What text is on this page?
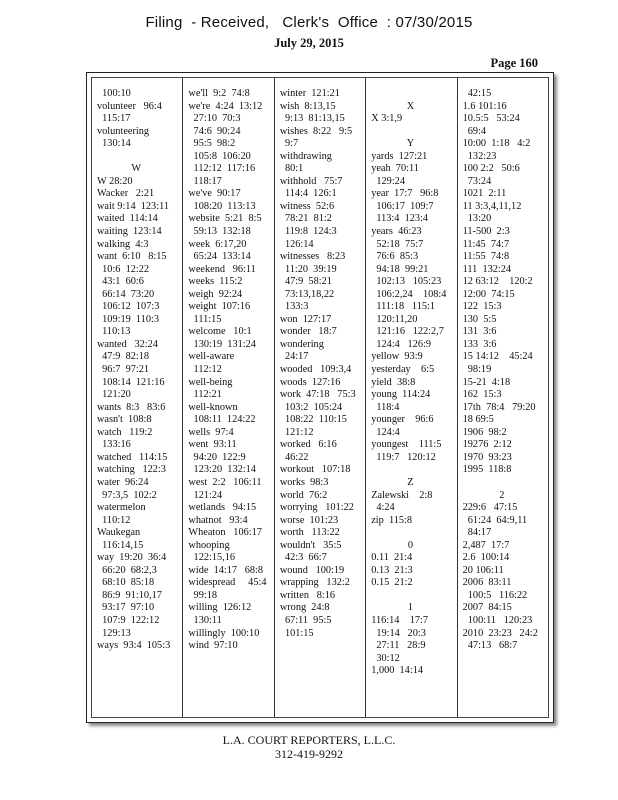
Filing  - Received,   Clerk's  Office  : 07/30/2015
July 29, 2015
Page 160
100:10
volunteer   96:4
115:17
volunteering
130:14
W
W 28:20
Wacker   2:21
wait 9:14  123:11
waited  114:14
waiting  123:14
walking  4:3
want  6:10   8:15
10:6  12:22
43:1  60:6
66:14  73:20
106:12  107:3
109:19  110:3
110:13
wanted   32:24
47:9  82:18
96:7  97:21
108:14  121:16
121:20
wants  8:3   83:6
wasn't  108:8
watch   119:2
133:16
watched   114:15
watching   122:3
water  96:24
97:3,5  102:2
watermelon
110:12
Waukegan
116:14,15
way  19:20  36:4
66:20  68:2,3
68:10  85:18
86:9  91:10,17
93:17  97:10
107:9  122:12
129:13
ways  93:4  105:3
we'll  9:2  74:8
we're  4:24  13:12
27:10  70:3
74:6  90:24
95:5  98:2
105:8  106:20
112:12  117:16
118:17
we've  90:17
108:20  113:13
website  5:21  8:5
59:13  132:18
week  6:17,20
65:24  133:14
weekend   96:11
weeks  115:2
weigh  92:24
weight  107:16
111:15
welcome   10:1
130:19  131:24
well-aware
112:12
well-being
112:21
well-known
108:11  124:22
wells  97:4
went  93:11
94:20  122:9
123:20  132:14
west  2:2   106:11
121:24
wetlands   94:15
whatnot   93:4
Wheaton   106:17
whooping
122:15,16
wide  14:17   68:8
widespread     45:4
99:18
willing  126:12
130:11
willingly  100:10
wind  97:10
winter  121:21
wish  8:13,15
9:13  81:13,15
wishes  8:22   9:5
9:7
withdrawing
80:1
withhold   75:7
114:4  126:1
witness  52:6
78:21  81:2
119:8  124:3
126:14
witnesses   8:23
11:20  39:19
47:9  58:21
73:13,18,22
133:3
won  127:17
wonder   18:7
wondering
24:17
wooded   109:3,4
woods  127:16
work  47:18   75:3
103:2  105:24
108:22  110:15
121:12
worked   6:16
46:22
workout   107:18
works  98:3
world  76:2
worrying   101:22
worse  101:23
worth   113:22
wouldn't   35:5
42:3  66:7
wound   100:19
wrapping   132:2
written   8:16
wrong  24:8
67:11  95:5
101:15
X
X 3:1,9
Y
yards  127:21
yeah  70:11
129:24
year  17:7   96:8
106:17  109:7
113:4  123:4
years  46:23
52:18  75:7
76:6  85:3
94:18  99:21
102:13   105:23
106:2,24    108:4
111:18   115:1
120:11,20
121:16   122:2,7
124:4   126:9
yellow  93:9
yesterday    6:5
yield  38:8
young  114:24
118:4
younger    96:6
124:4
youngest    111:5
119:7   120:12
Z
Zalewski    2:8
4:24
zip  115:8
0
0.11  21:4
0.13  21:3
0.15  21:2
1
116:14    17:7
19:14   20:3
27:11   28:9
30:12
1,000  14:14
42:15
1.6 101:16
10.5:5   53:24
69:4
10:00  1:18   4:2
132:23
100 2:2   50:6
73:24
1021  2:11
11 3:3,4,11,12
13:20
11-500  2:3
11:45  74:7
11:55  74:8
111  132:24
12 63:12    120:2
12:00  74:15
122  15:3
130  5:5
131  3:6
133  3:6
15 14:12    45:24
98:19
15-21  4:18
162  15:3
17th  78:4   79:20
18 69:5
1906  98:2
19276  2:12
1970  93:23
1995  118:8
2
229:6   47:15
61:24  64:9,11
84:17
2,487  17:7
2.6  100:14
20 106:11
2006  83:11
100:5   116:22
2007  84:15
100:11   120:23
2010  23:23   24:2
47:13   68:7
L.A. COURT REPORTERS, L.L.C.
312-419-9292
